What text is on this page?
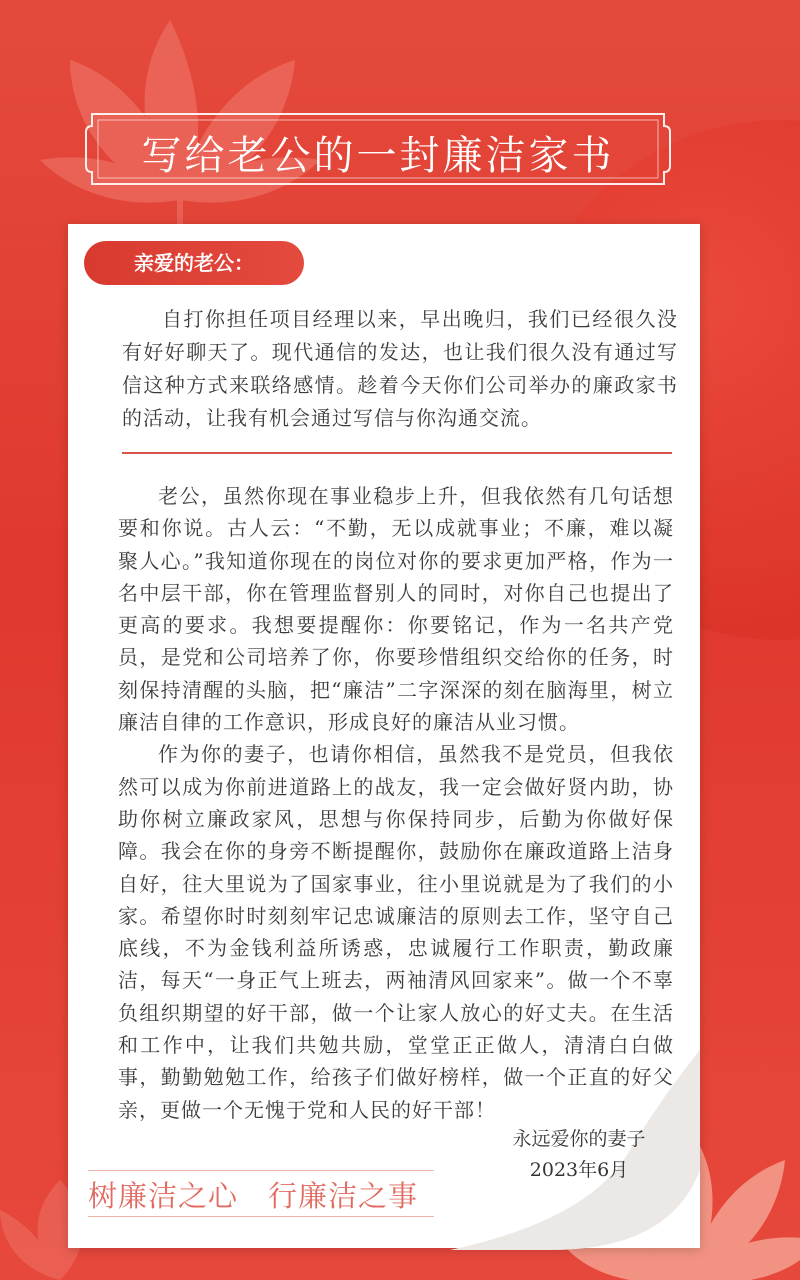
写给老公的一封廉洁家书
亲爱的老公：

自打你担任项目经理以来，早出晚归，我们已经很久没有好好聊天了。现代通信的发达，也让我们很久没有通过写信这种方式来联络感情。趁着今天你们公司举办的廉政家书的活动，让我有机会通过写信与你沟通交流。

老公，虽然你现在事业稳步上升，但我依然有几句话想要和你说。古人云：“不勤，无以成就事业；不廉，难以凝聚人心。”我知道你现在的岗位对你的要求更加严格，作为一名中层干部，你在管理监督别人的同时，对你自己也提出了更高的要求。我想要提醒你：你要铭记，作为一名共产党员，是党和公司培养了你，你要珍惜组织交给你的任务，时刻保持清醒的头脑，把“廉洁”二字深深的刻在脑海里，树立廉洁自律的工作意识，形成良好的廉洁从业习惯。

作为你的妻子，也请你相信，虽然我不是党员，但我依然可以成为你前进道路上的战友，我一定会做好贤内助，协助你树立廉政家风，思想与你保持同步，后勤为你做好保障。我会在你的身旁不断提醒你，鼓励你在廉政道路上洁身自好，往大里说为了国家事业，往小里说就是为了我们的小家。希望你时时刻刻牢记忠诚廉洁的原则去工作，坚守自己底线，不为金钱利益所诱惑，忠诚履行工作职责，勤政廉洁，每天“一身正气上班去，两袖清风回家来”。做一个不辜负组织期望的好干部，做一个让家人放心的好丈夫。在生活和工作中，让我们共勉共励，堂堂正正做人，清清白白做事，勤勤勉勉工作，给孩子们做好榜样，做一个正直的好父亲，更做一个无愧于党和人民的好干部！

永远爱你的妻子
2023年6月
树廉洁之心　行廉洁之事
